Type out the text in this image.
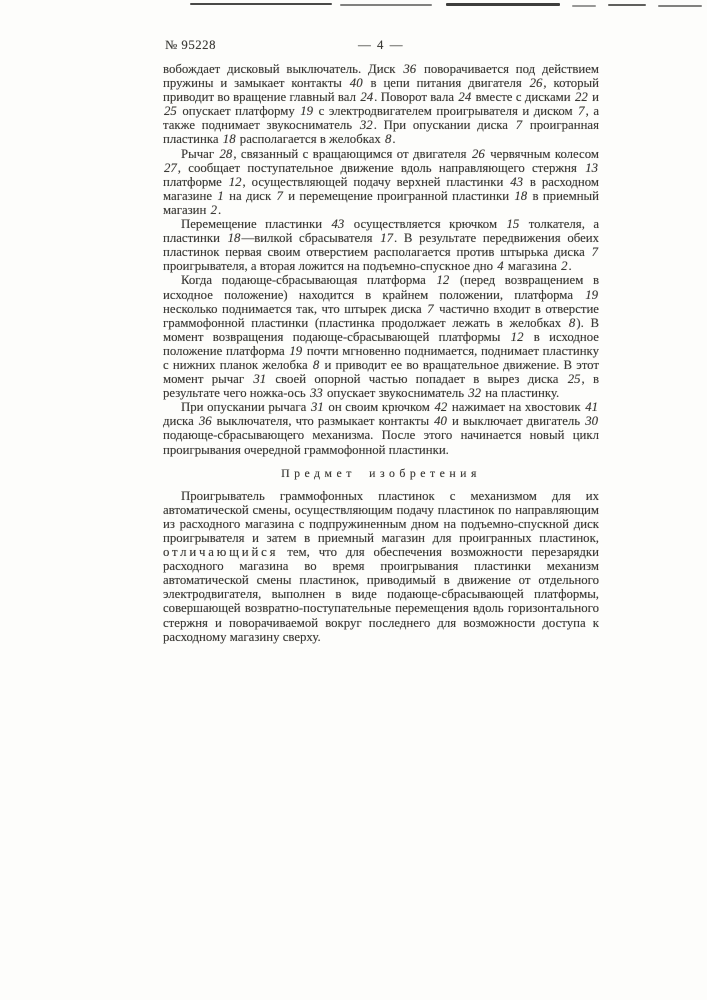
№ 95228	— 4 —

вобождает дисковый выключатель. Диск 36 поворачивается под действием пружины и замыкает контакты 40 в цепи питания двигателя 26, который приводит во вращение главный вал 24. Поворот вала 24 вместе с дисками 22 и 25 опускает платформу 19 с электродвигателем проигрывателя и диском 7, а также поднимает звукосниматель 32. При опускании диска 7 проигранная пластинка 18 располагается в желобках 8.

Рычаг 28, связанный с вращающимся от двигателя 26 червячным колесом 27, сообщает поступательное движение вдоль направляющего стержня 13 платформе 12, осуществляющей подачу верхней пластинки 43 в расходном магазине 1 на диск 7 и перемещение проигранной пластинки 18 в приемный магазин 2.

Перемещение пластинки 43 осуществляется крючком 15 толкателя, а пластинки 18—вилкой сбрасывателя 17. В результате передвижения обеих пластинок первая своим отверстием располагается против штырька диска 7 проигрывателя, а вторая ложится на подъемно-спускное дно 4 магазина 2.

Когда подающе-сбрасывающая платформа 12 (перед возвращением в исходное положение) находится в крайнем положении, платформа 19 несколько поднимается так, что штырек диска 7 частично входит в отверстие граммофонной пластинки (пластинка продолжает лежать в желобках 8). В момент возвращения подающе-сбрасывающей платформы 12 в исходное положение платформа 19 почти мгновенно поднимается, поднимает пластинку с нижних планок желобка 8 и приводит ее во вращательное движение. В этот момент рычаг 31 своей опорной частью попадает в вырез диска 25, в результате чего ножка-ось 33 опускает звукосниматель 32 на пластинку.

При опускании рычага 31 он своим крючком 42 нажимает на хвостовик 41 диска 36 выключателя, что размыкает контакты 40 и выключает двигатель 30 подающе-сбрасывающего механизма. После этого начинается новый цикл проигрывания очередной граммофонной пластинки.

Предмет изобретения

Проигрыватель граммофонных пластинок с механизмом для их автоматической смены, осуществляющим подачу пластинок по направляющим из расходного магазина с подпружиненным дном на подъемно-спускной диск проигрывателя и затем в приемный магазин для проигранных пластинок, отличающийся тем, что для обеспечения возможности перезарядки расходного магазина во время проигрывания пластинки механизм автоматической смены пластинок, приводимый в движение от отдельного электродвигателя, выполнен в виде подающе-сбрасывающей платформы, совершающей возвратно-поступательные перемещения вдоль горизонтального стержня и поворачиваемой вокруг последнего для возможности доступа к расходному магазину сверху.
